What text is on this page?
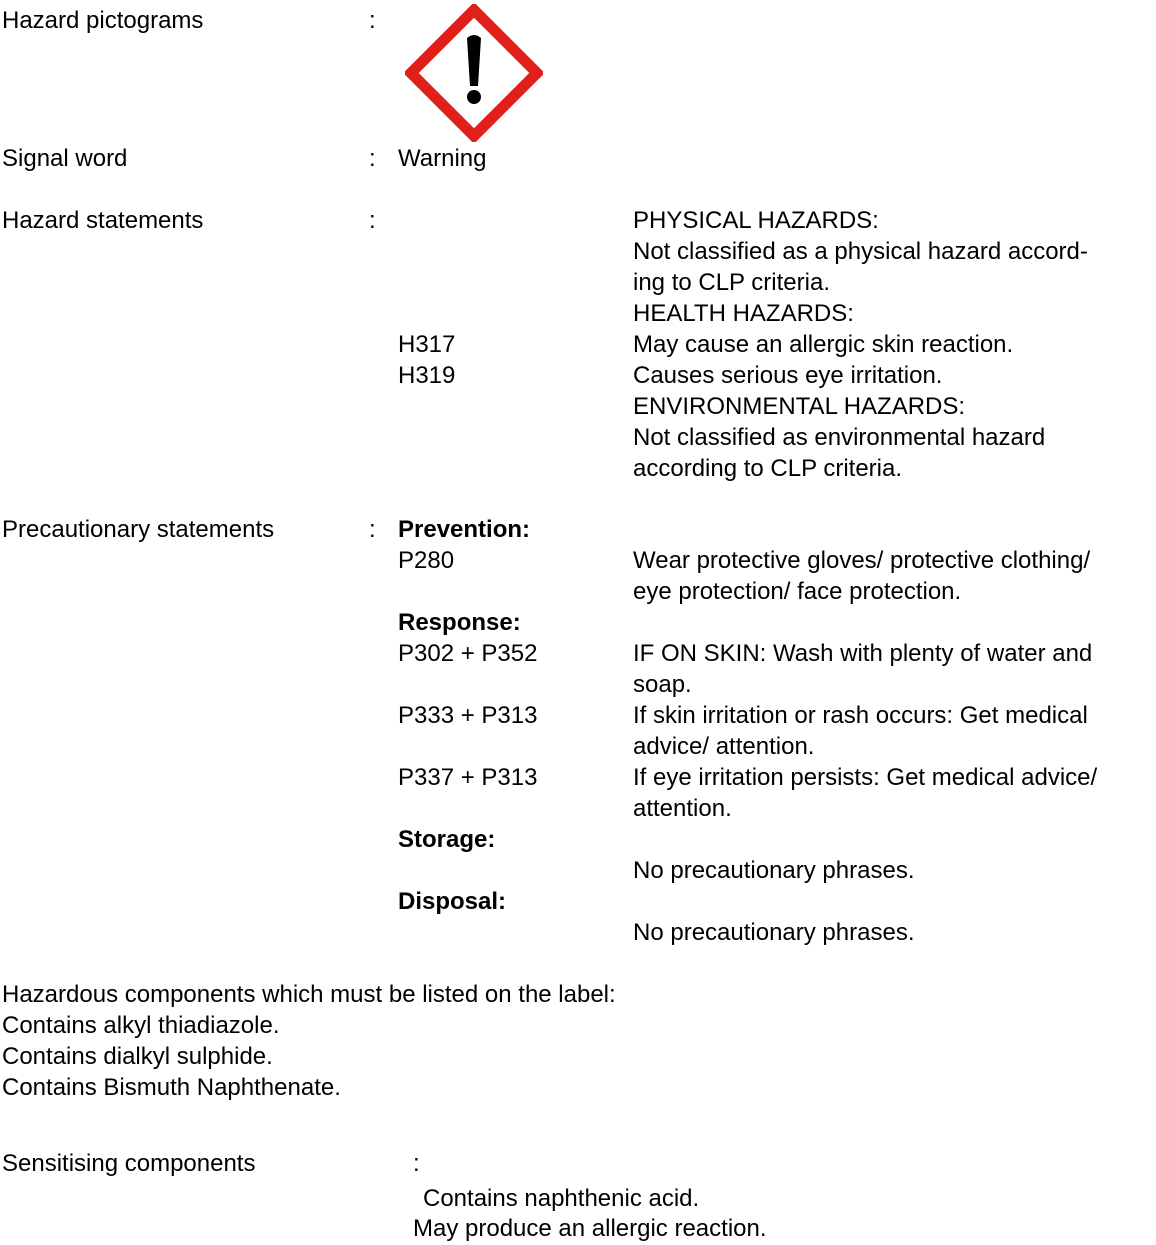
Hazard pictograms	:
Signal word	: Warning
Hazard statements	:	PHYSICAL HAZARDS:
Not classified as a physical hazard accord-
ing to CLP criteria.
HEALTH HAZARDS:
H317	May cause an allergic skin reaction.
H319	Causes serious eye irritation.
ENVIRONMENTAL HAZARDS:
Not classified as environmental hazard
according to CLP criteria.
Precautionary statements	: Prevention:
P280	Wear protective gloves/ protective clothing/
eye protection/ face protection.
Response:
P302 + P352	IF ON SKIN: Wash with plenty of water and
soap.
P333 + P313	If skin irritation or rash occurs: Get medical
advice/ attention.
P337 + P313	If eye irritation persists: Get medical advice/
attention.
Storage:
No precautionary phrases.
Disposal:
No precautionary phrases.
Hazardous components which must be listed on the label:
Contains alkyl thiadiazole.
Contains dialkyl sulphide.
Contains Bismuth Naphthenate.
Sensitising components	:
Contains naphthenic acid.
May produce an allergic reaction.
